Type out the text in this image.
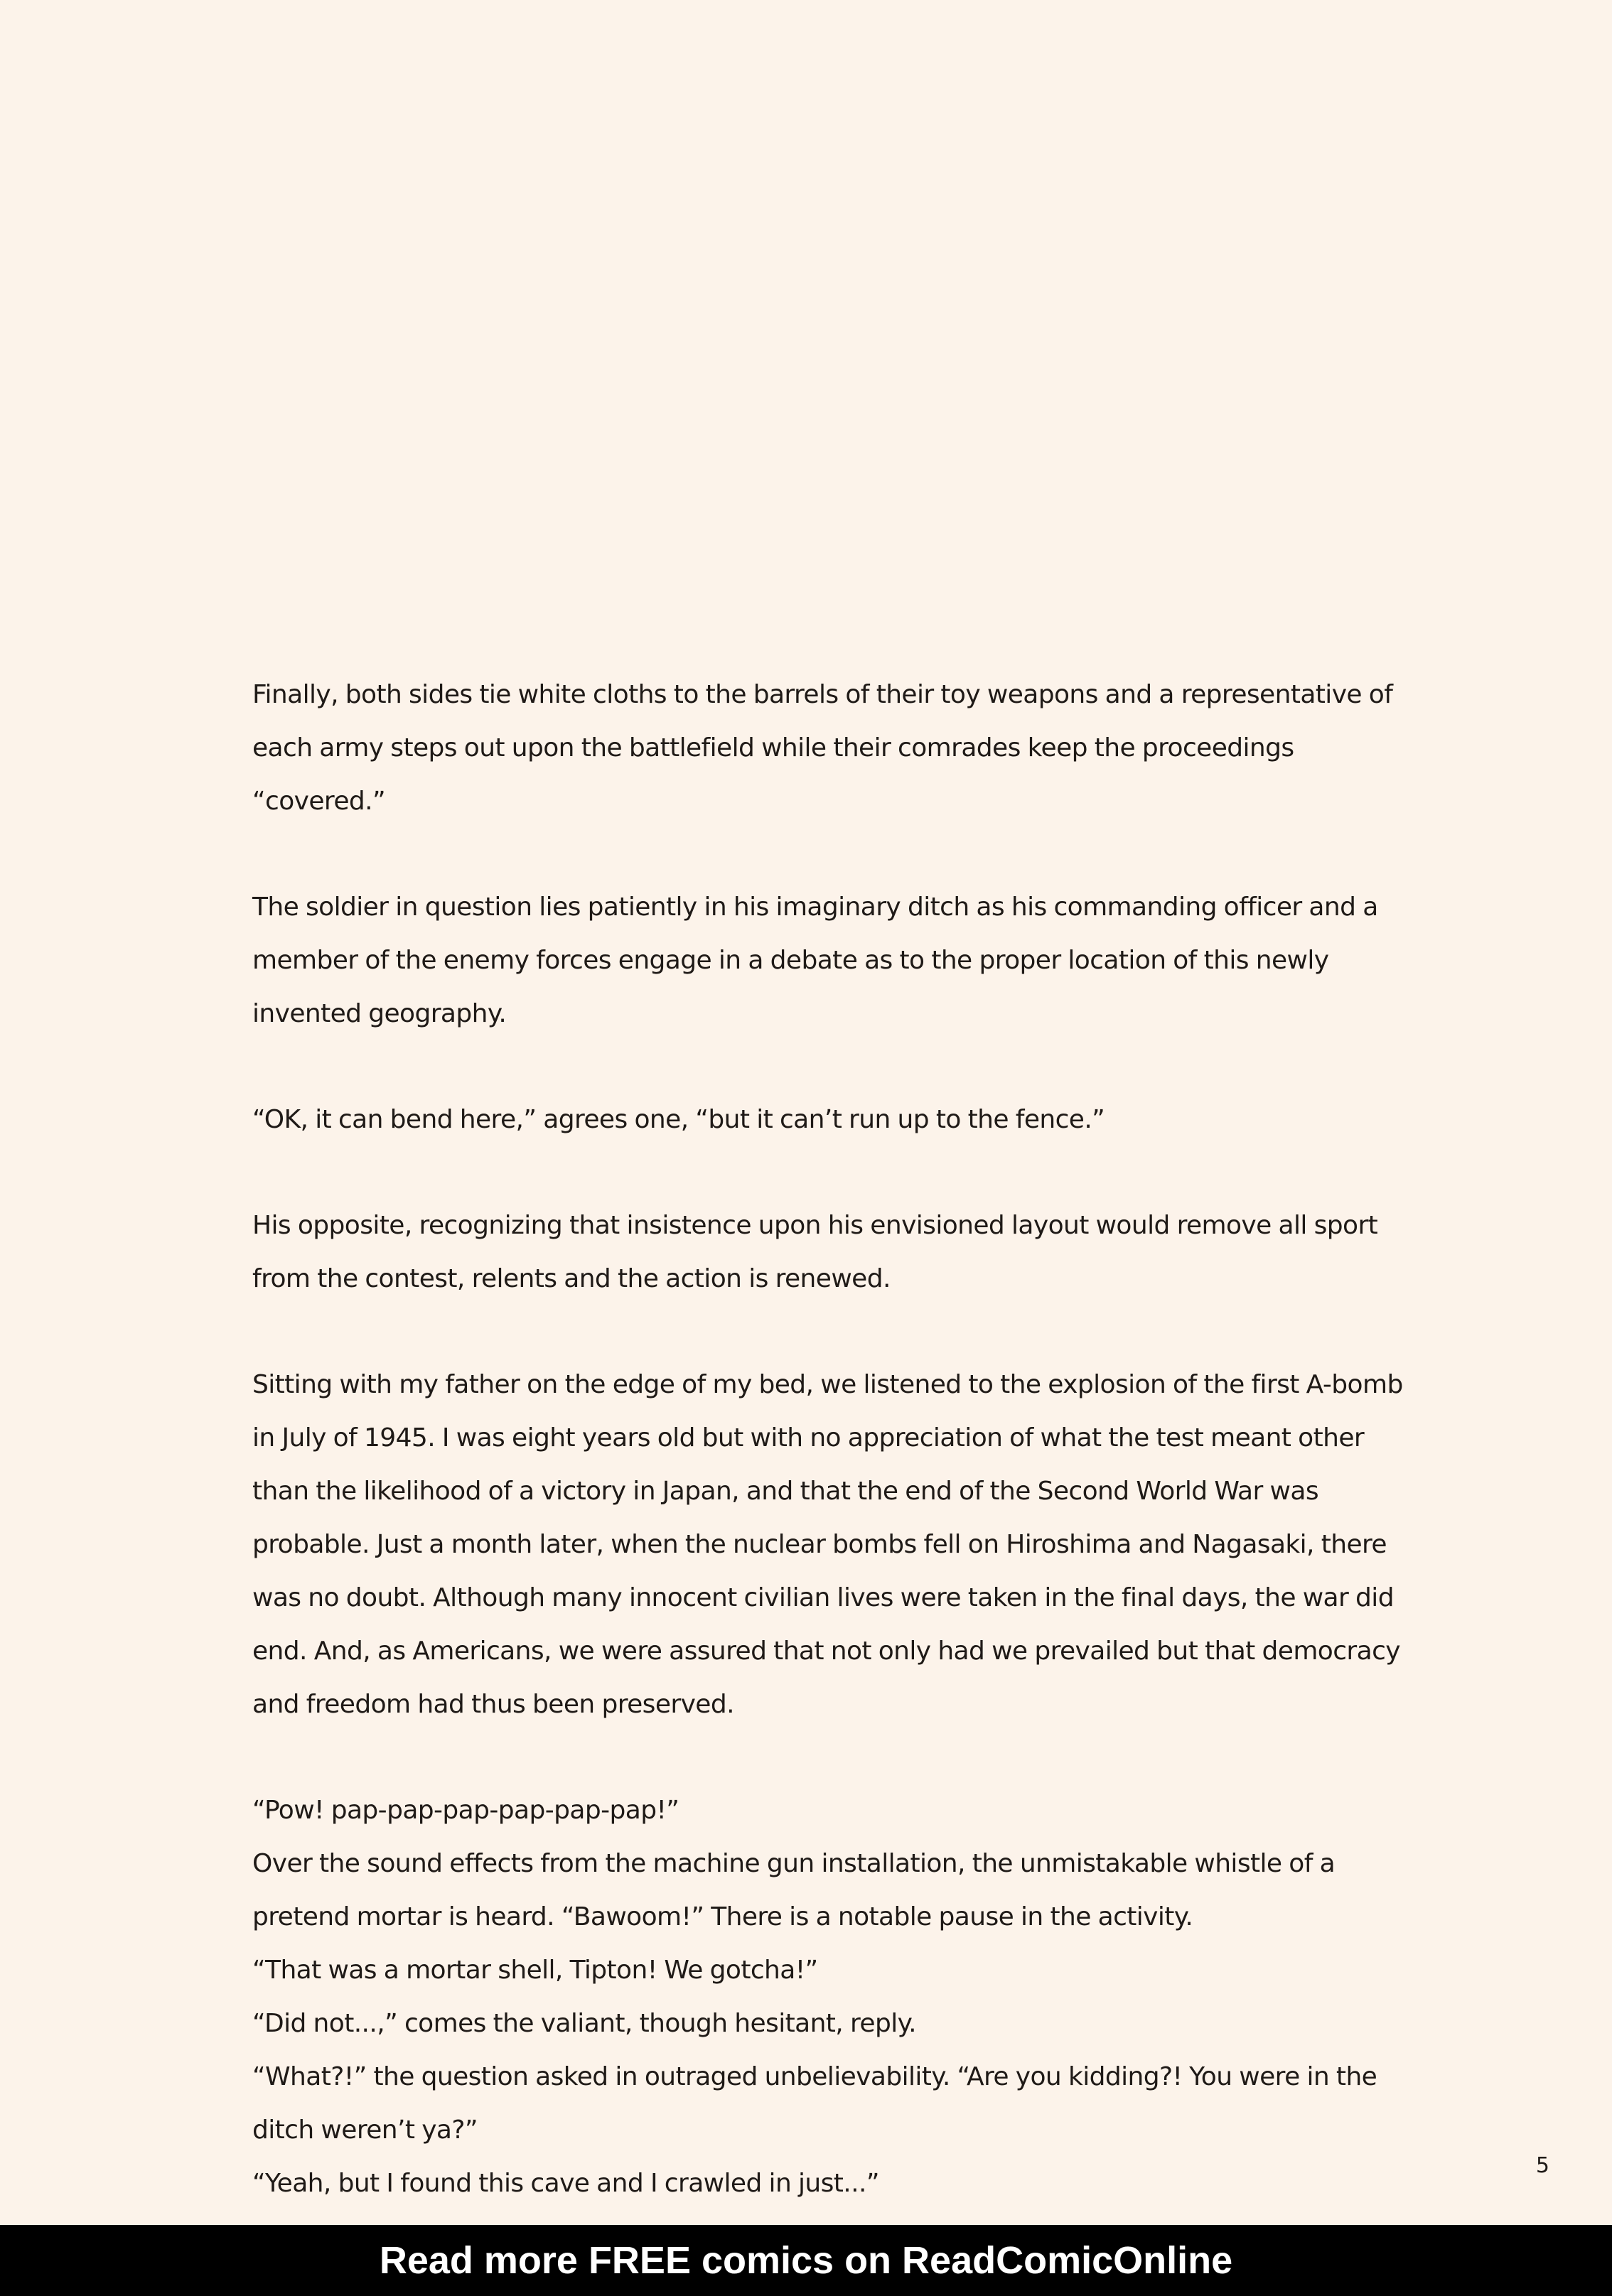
Finally, both sides tie white cloths to the barrels of their toy weapons and a representative of each army steps out upon the battlefield while their comrades keep the proceedings “covered.”

The soldier in question lies patiently in his imaginary ditch as his commanding officer and a member of the enemy forces engage in a debate as to the proper location of this newly invented geography.

“OK, it can bend here,” agrees one, “but it can’t run up to the fence.”

His opposite, recognizing that insistence upon his envisioned layout would remove all sport from the contest, relents and the action is renewed.

Sitting with my father on the edge of my bed, we listened to the explosion of the first A-bomb in July of 1945. I was eight years old but with no appreciation of what the test meant other than the likelihood of a victory in Japan, and that the end of the Second World War was probable. Just a month later, when the nuclear bombs fell on Hiroshima and Nagasaki, there was no doubt. Although many innocent civilian lives were taken in the final days, the war did end. And, as Americans, we were assured that not only had we prevailed but that democracy and freedom had thus been preserved.

“Pow! pap-pap-pap-pap-pap-pap!”

Over the sound effects from the machine gun installation, the unmistakable whistle of a pretend mortar is heard. “Bawoom!” There is a notable pause in the activity.

“That was a mortar shell, Tipton! We gotcha!”

“Did not...,” comes the valiant, though hesitant, reply.

“What?!” the question asked in outraged unbelievability. “Are you kidding?! You were in the ditch weren’t ya?”

“Yeah, but I found this cave and I crawled in just...”

5
Read more FREE comics on ReadComicOnline
